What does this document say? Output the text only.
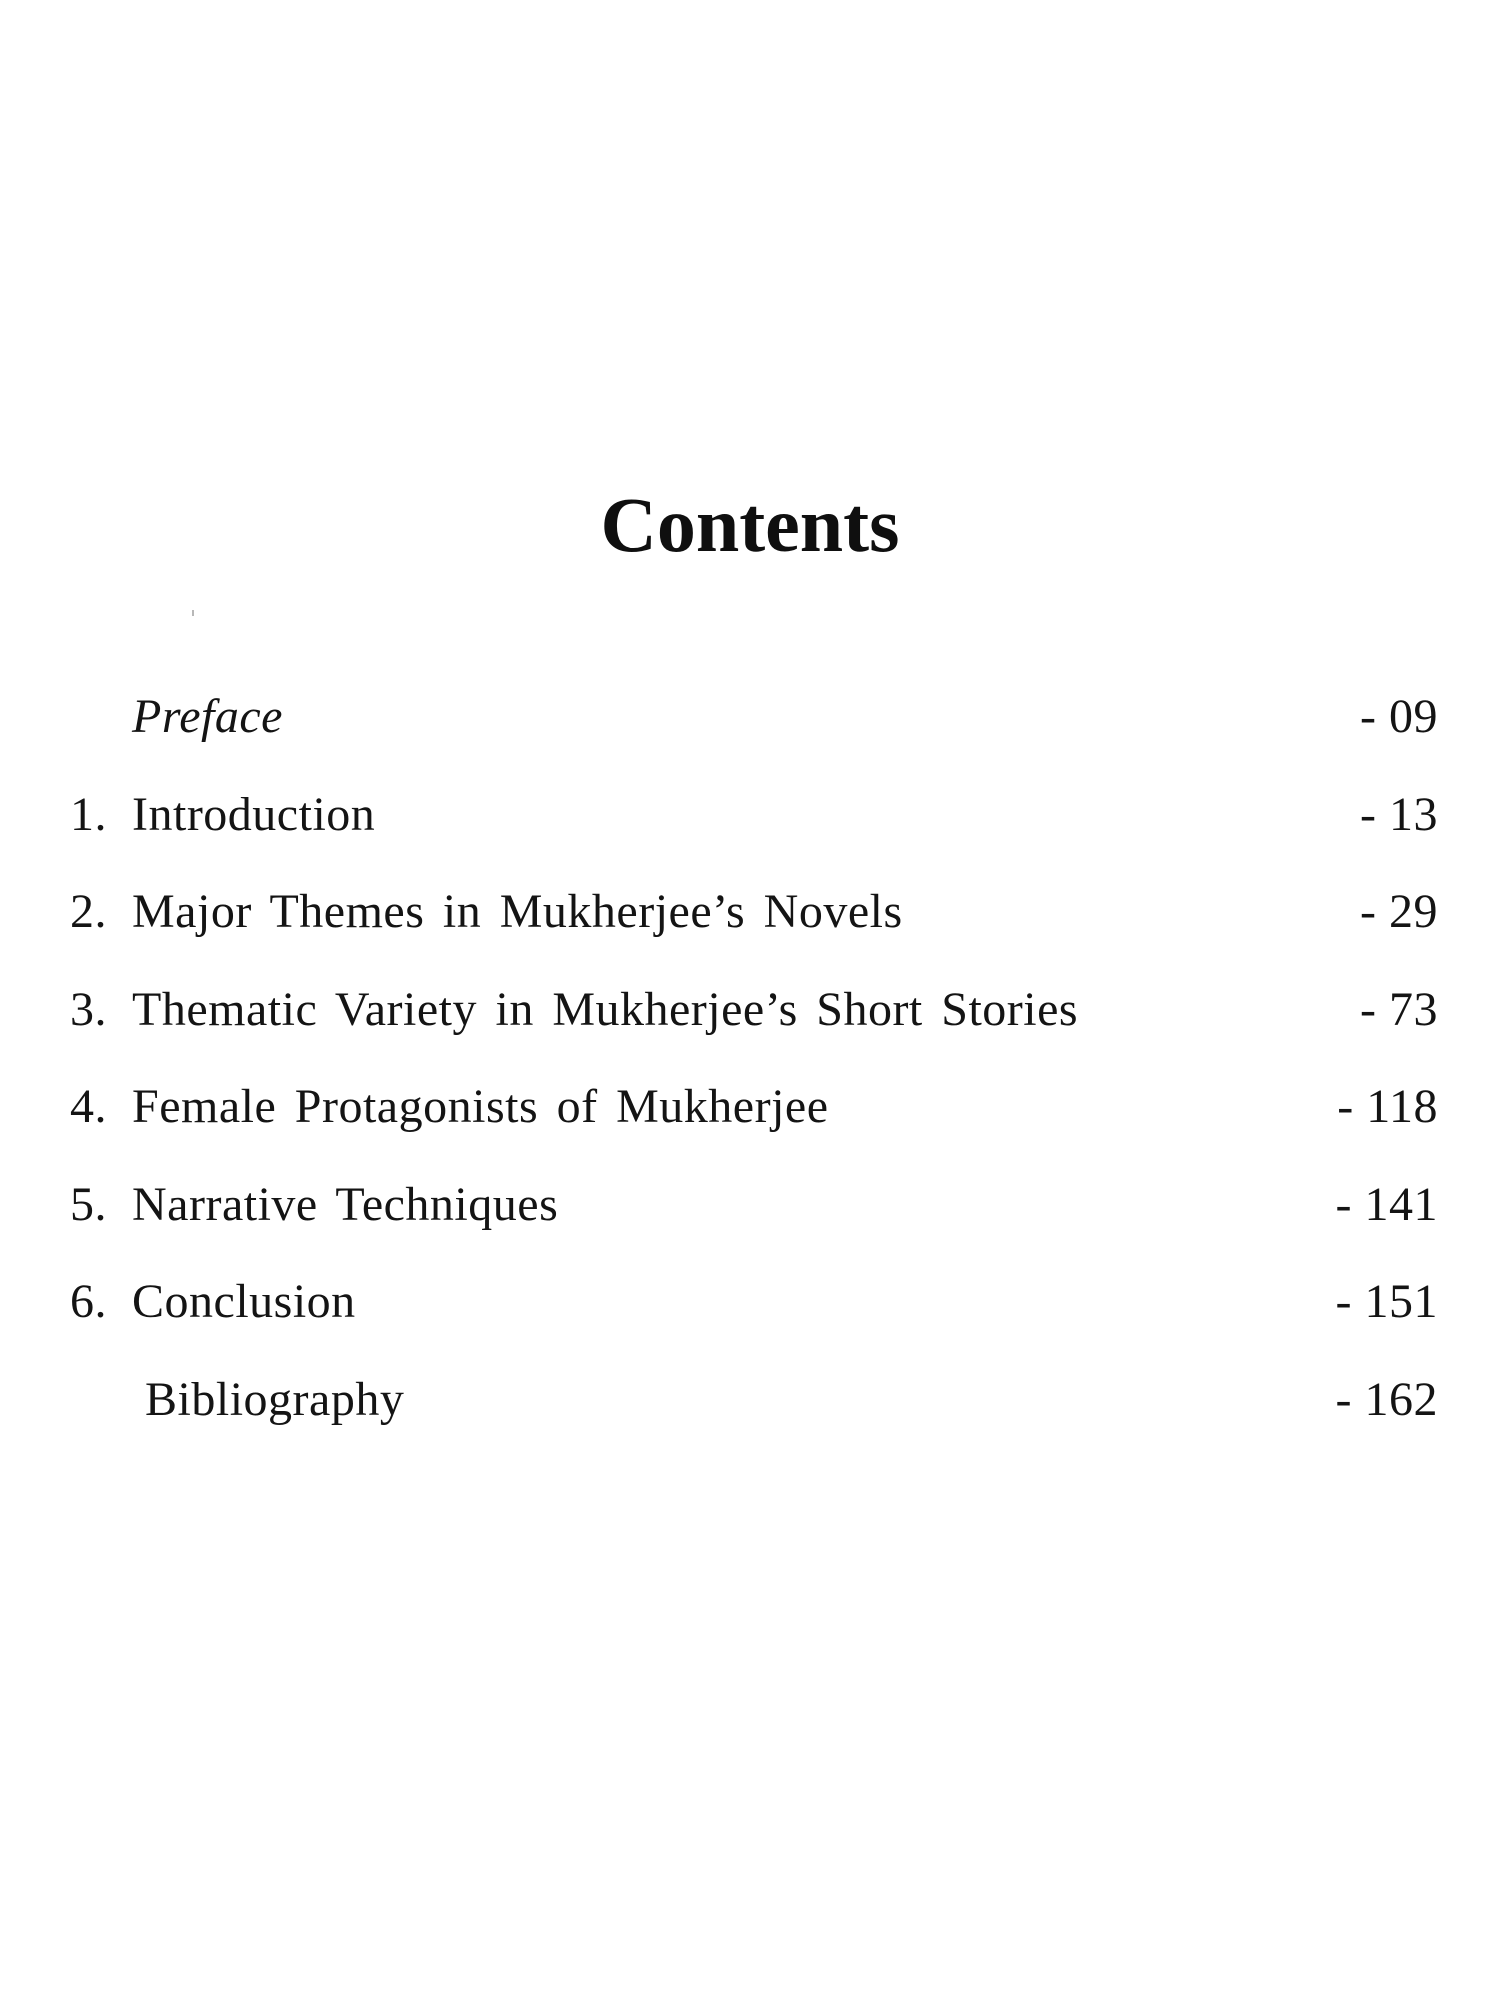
Contents
Preface	- 09
1. Introduction	- 13
2. Major Themes in Mukherjee’s Novels	- 29
3. Thematic Variety in Mukherjee’s Short Stories	- 73
4. Female Protagonists of Mukherjee	- 118
5. Narrative Techniques	- 141
6. Conclusion	- 151
Bibliography	- 162
